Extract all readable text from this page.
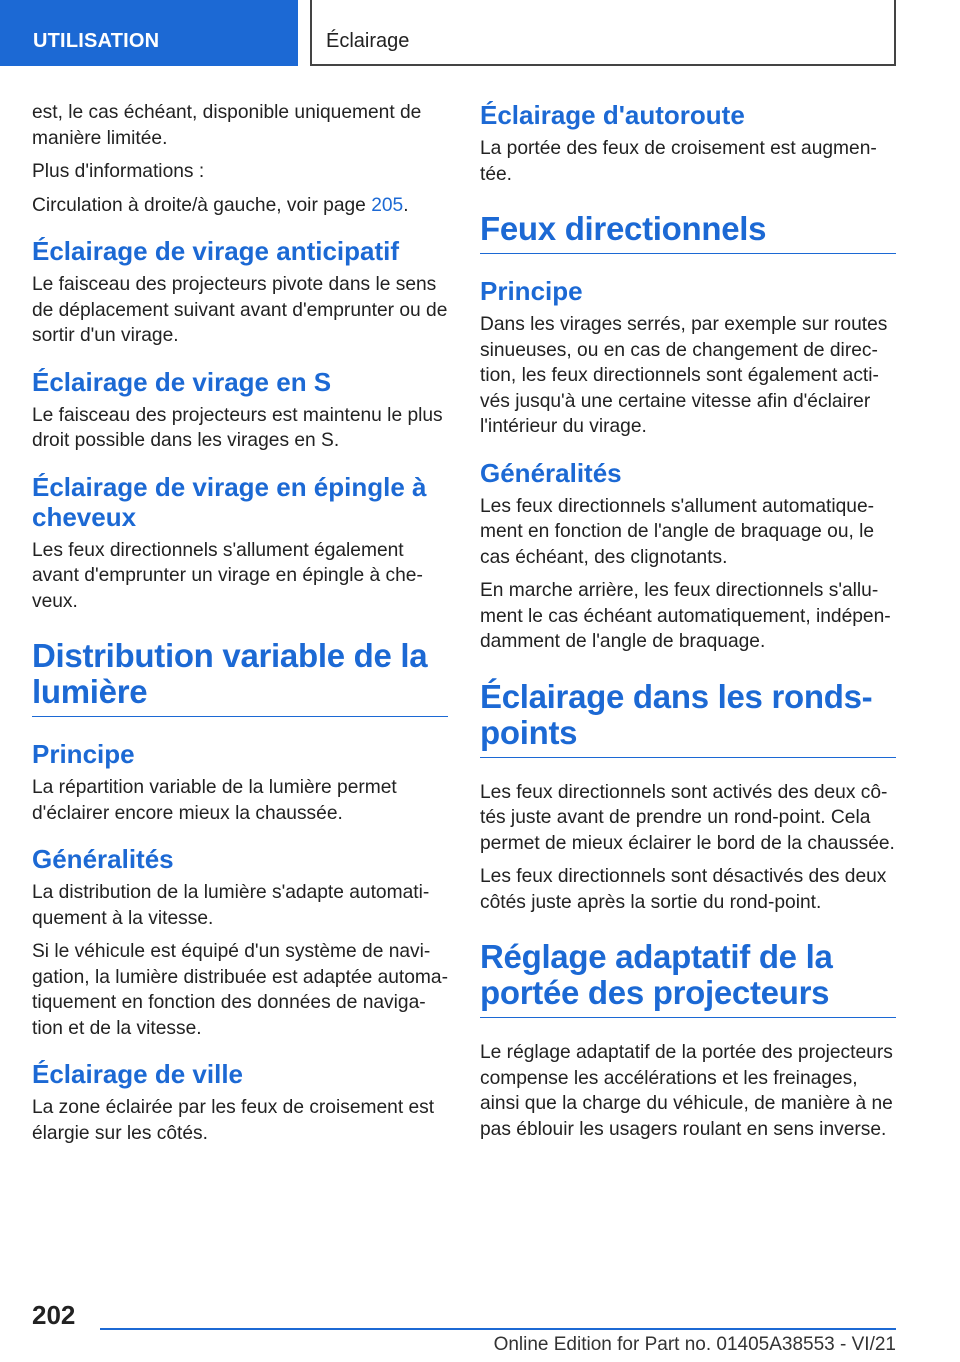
UTILISATION	Éclairage

est, le cas échéant, disponible uniquement de manière limitée.

Plus d'informations :

Circulation à droite/à gauche, voir page 205.

Éclairage de virage anticipatif

Le faisceau des projecteurs pivote dans le sens de déplacement suivant avant d'emprunter ou de sortir d'un virage.

Éclairage de virage en S

Le faisceau des projecteurs est maintenu le plus droit possible dans les virages en S.

Éclairage de virage en épingle à cheveux

Les feux directionnels s'allument également avant d'emprunter un virage en épingle à che- veux.

Distribution variable de la lumière
Principe

La répartition variable de la lumière permet d'éclairer encore mieux la chaussée.

Généralités

La distribution de la lumière s'adapte automati- quement à la vitesse.

Si le véhicule est équipé d'un système de navi- gation, la lumière distribuée est adaptée automa- tiquement en fonction des données de naviga- tion et de la vitesse.

Éclairage de ville

La zone éclairée par les feux de croisement est élargie sur les côtés.

Éclairage d'autoroute

La portée des feux de croisement est augmen- tée.

Feux directionnels
Principe

Dans les virages serrés, par exemple sur routes sinueuses, ou en cas de changement de direc- tion, les feux directionnels sont également acti- vés jusqu'à une certaine vitesse afin d'éclairer l'intérieur du virage.

Généralités

Les feux directionnels s'allument automatique- ment en fonction de l'angle de braquage ou, le cas échéant, des clignotants.

En marche arrière, les feux directionnels s'allu- ment le cas échéant automatiquement, indépen- damment de l'angle de braquage.

Éclairage dans les ronds- points

Les feux directionnels sont activés des deux cô- tés juste avant de prendre un rond-point. Cela permet de mieux éclairer le bord de la chaussée.

Les feux directionnels sont désactivés des deux côtés juste après la sortie du rond-point.

Réglage adaptatif de la portée des projecteurs

Le réglage adaptatif de la portée des projecteurs compense les accélérations et les freinages, ainsi que la charge du véhicule, de manière à ne pas éblouir les usagers roulant en sens inverse.

202
Online Edition for Part no. 01405A38553 - VI/21
